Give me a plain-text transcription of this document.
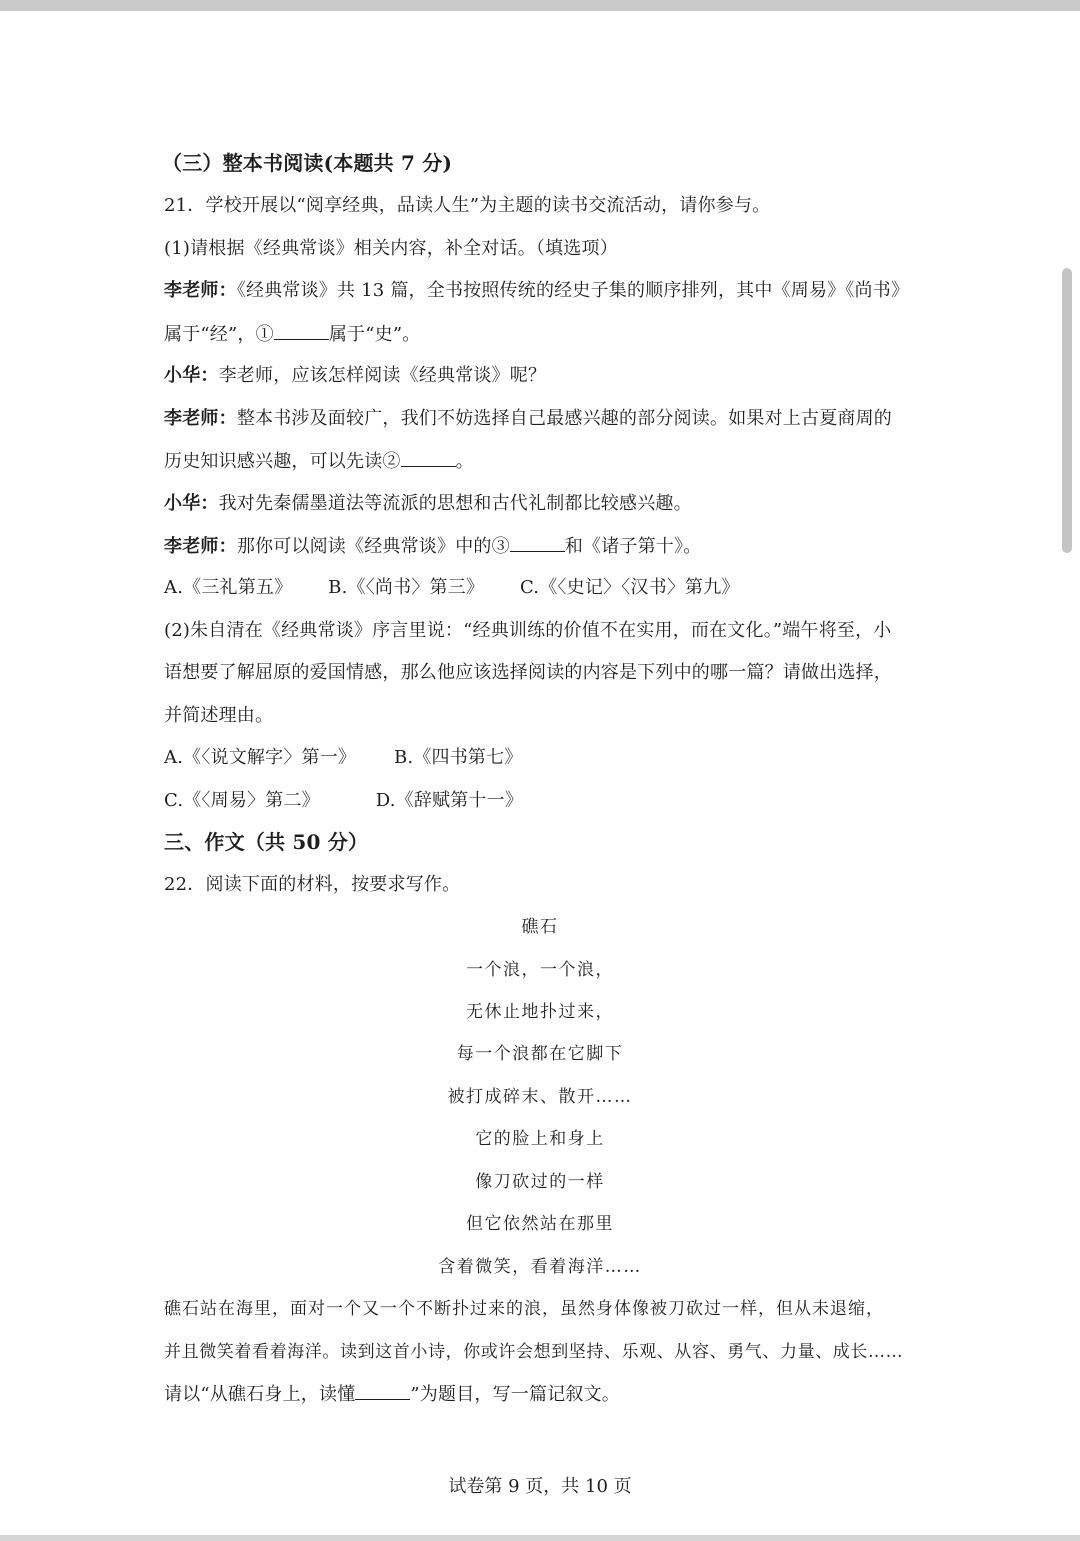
（三）整本书阅读(本题共 7 分)
21．学校开展以“阅享经典，品读人生”为主题的读书交流活动，请你参与。
(1)请根据《经典常谈》相关内容，补全对话。（填选项）
李老师：《经典常谈》共 13 篇，全书按照传统的经史子集的顺序排列，其中《周易》《尚书》
属于“经”，①	属于“史”。
小华：李老师，应该怎样阅读《经典常谈》呢？
李老师：整本书涉及面较广，我们不妨选择自己最感兴趣的部分阅读。如果对上古夏商周的
历史知识感兴趣，可以先读②	。
小华：我对先秦儒墨道法等流派的思想和古代礼制都比较感兴趣。
李老师：那你可以阅读《经典常谈》中的③	和《诸子第十》。
A.《三礼第五》 B.《〈尚书〉第三》 C.《〈史记〉〈汉书〉第九》
(2)朱自清在《经典常谈》序言里说：“经典训练的价值不在实用，而在文化。”端午将至，小
语想要了解屈原的爱国情感，那么他应该选择阅读的内容是下列中的哪一篇？请做出选择，
并简述理由。
A.《〈说文解字〉第一》 B.《四书第七》
C.《〈周易〉第二》	D.《辞赋第十一》
三、作文（共 50 分）
22．阅读下面的材料，按要求写作。
礁石
一个浪，一个浪，
无休止地扑过来，
每一个浪都在它脚下
被打成碎末、散开……
它的脸上和身上
像刀砍过的一样
但它依然站在那里
含着微笑，看着海洋……
礁石站在海里，面对一个又一个不断扑过来的浪，虽然身体像被刀砍过一样，但从未退缩，
并且微笑着看着海洋。读到这首小诗，你或许会想到坚持、乐观、从容、勇气、力量、成长……
请以“从礁石身上，读懂	”为题目，写一篇记叙文。
试卷第 9 页，共 10 页
